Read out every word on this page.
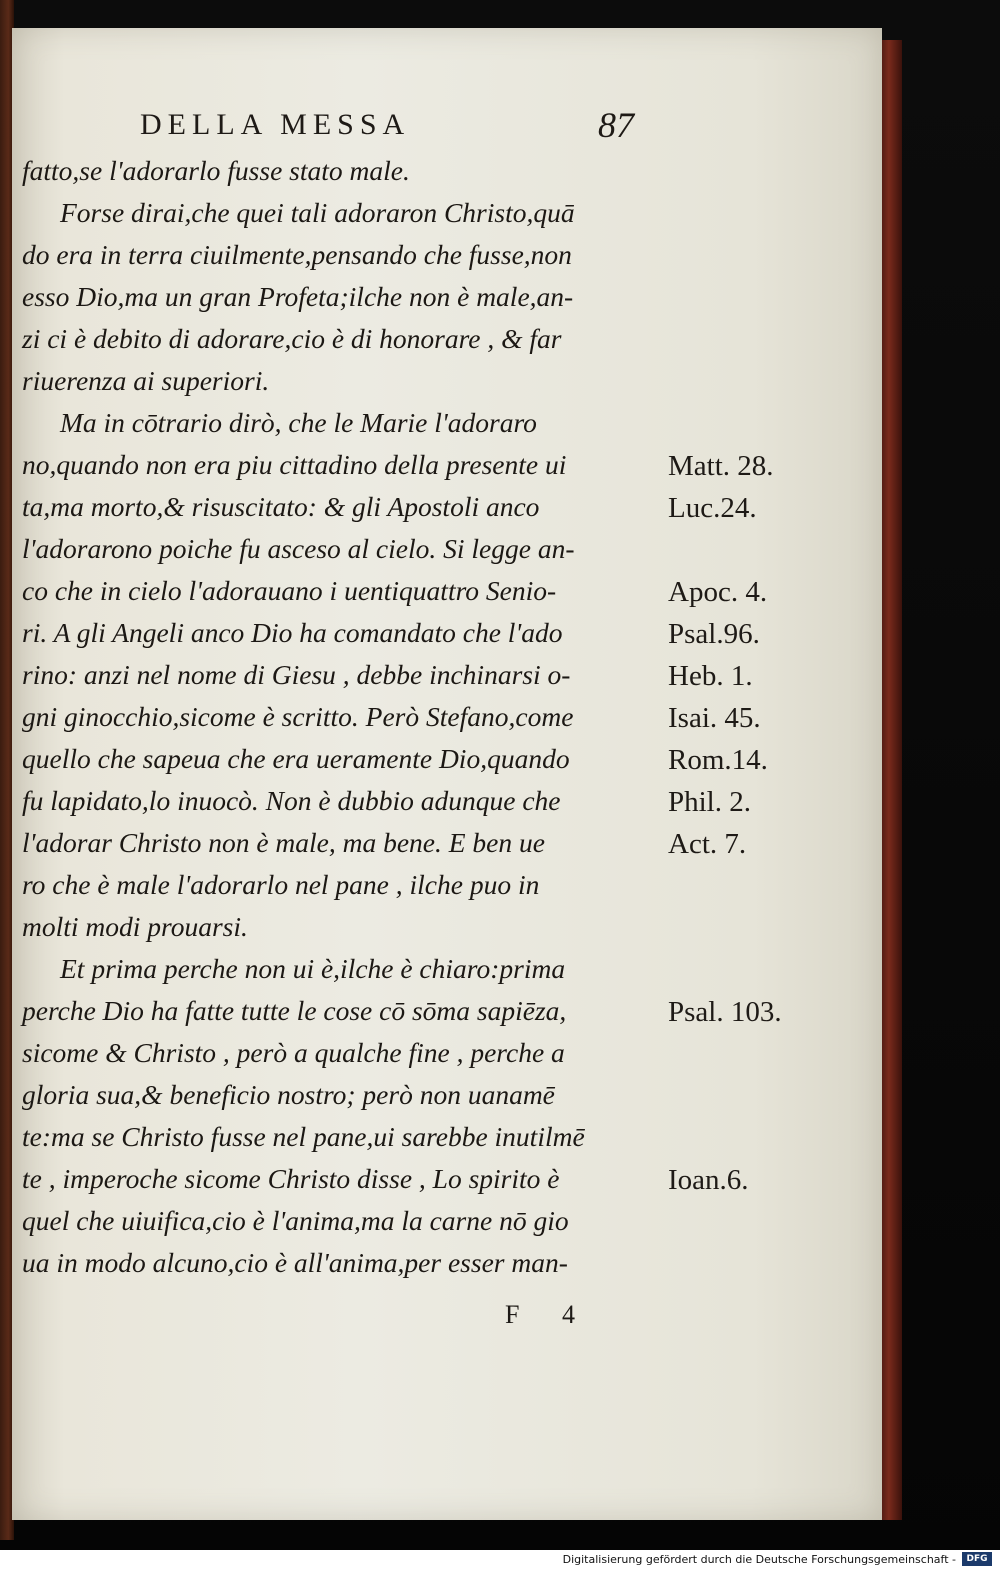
DELLA MESSA	87
fatto,se l'adorarlo fusse stato male.
Forse dirai,che quei tali adoraron Christo,quā
do era in terra ciuilmente,pensando che fusse,non
esso Dio,ma un gran Profeta;ilche non è male,an-
zi ci è debito di adorare,cio è di honorare , & far
riuerenza ai superiori.
Ma in cōtrario dirò, che le Marie l'adoraro
no,quando non era piu cittadino della presente ui
ta,ma morto,& risuscitato: & gli Apostoli anco
l'adorarono poiche fu asceso al cielo. Si legge an-
co che in cielo l'adorauano i uentiquattro Senio-
ri. A gli Angeli anco Dio ha comandato che l'ado
rino: anzi nel nome di Giesu , debbe inchinarsi o-
gni ginocchio,sicome è scritto. Però Stefano,come
quello che sapeua che era ueramente Dio,quando
fu lapidato,lo inuocò. Non è dubbio adunque che
l'adorar Christo non è male, ma bene. E ben ue
ro che è male l'adorarlo nel pane , ilche puo in
molti modi prouarsi.
Et prima perche non ui è,ilche è chiaro:prima
perche Dio ha fatte tutte le cose cō sōma sapiēza,
sicome & Christo , però a qualche fine , perche a
gloria sua,& beneficio nostro; però non uanamē
te:ma se Christo fusse nel pane,ui sarebbe inutilmē
te , imperoche sicome Christo disse , Lo spirito è
quel che uiuifica,cio è l'anima,ma la carne nō gio
ua in modo alcuno,cio è all'anima,per esser man-
Matt. 28.
Luc.24.
Apoc. 4.
Psal.96.
Heb. 1.
Isai. 45.
Rom.14.
Phil. 2.
Act. 7.
Psal. 103.
Ioan.6.
F 4
Digitalisierung gefördert durch die Deutsche Forschungsgemeinschaft -	DFG
